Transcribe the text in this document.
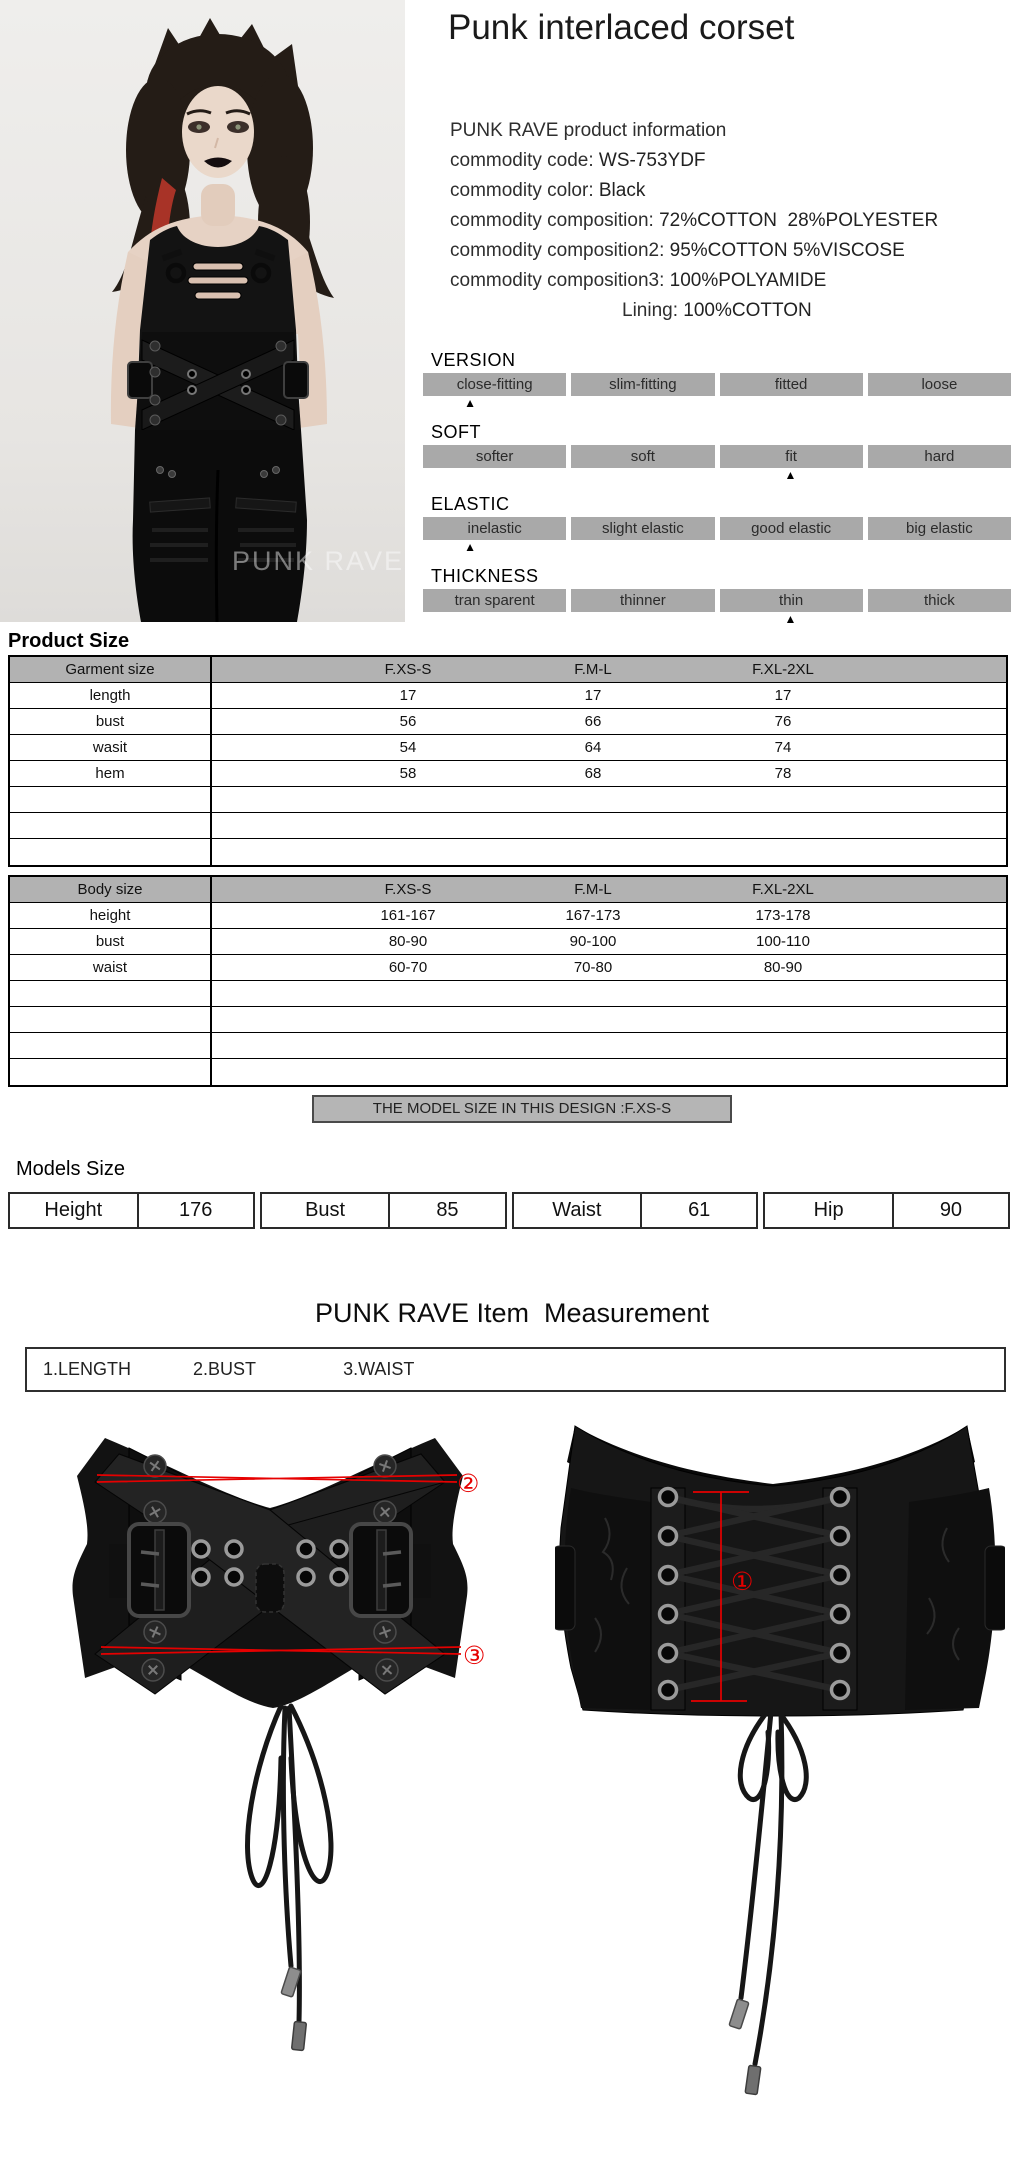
PUNK RAVE
Punk interlaced corset
PUNK RAVE product information
commodity code: WS-753YDF
commodity color: Black
commodity composition: 72%COTTON  28%POLYESTER
commodity composition2: 95%COTTON 5%VISCOSE
commodity composition3: 100%POLYAMIDE
Lining: 100%COTTON
VERSION
close-fitting	slim-fitting	fitted	loose
▲
SOFT
softer	soft	fit	hard
▲
ELASTIC
inelastic	slight elastic	good elastic	big elastic
▲
THICKNESS
tran sparent	thinner	thin	thick
▲
Product Size
Garment size	F.XS-S	F.M-L	F.XL-2XL
length	17	17	17
bust	56	66	76
wasit	54	64	74
hem	58	68	78
Body size	F.XS-S	F.M-L	F.XL-2XL
height	161-167	167-173	173-178
bust	80-90	90-100	100-110
waist	60-70	70-80	80-90
THE MODEL SIZE IN THIS DESIGN :F.XS-S
Models Size
Height	176	Bust	85	Waist	61	Hip	90
PUNK RAVE Item  Measurement
1.LENGTH	2.BUST	3.WAIST
②
③
①
